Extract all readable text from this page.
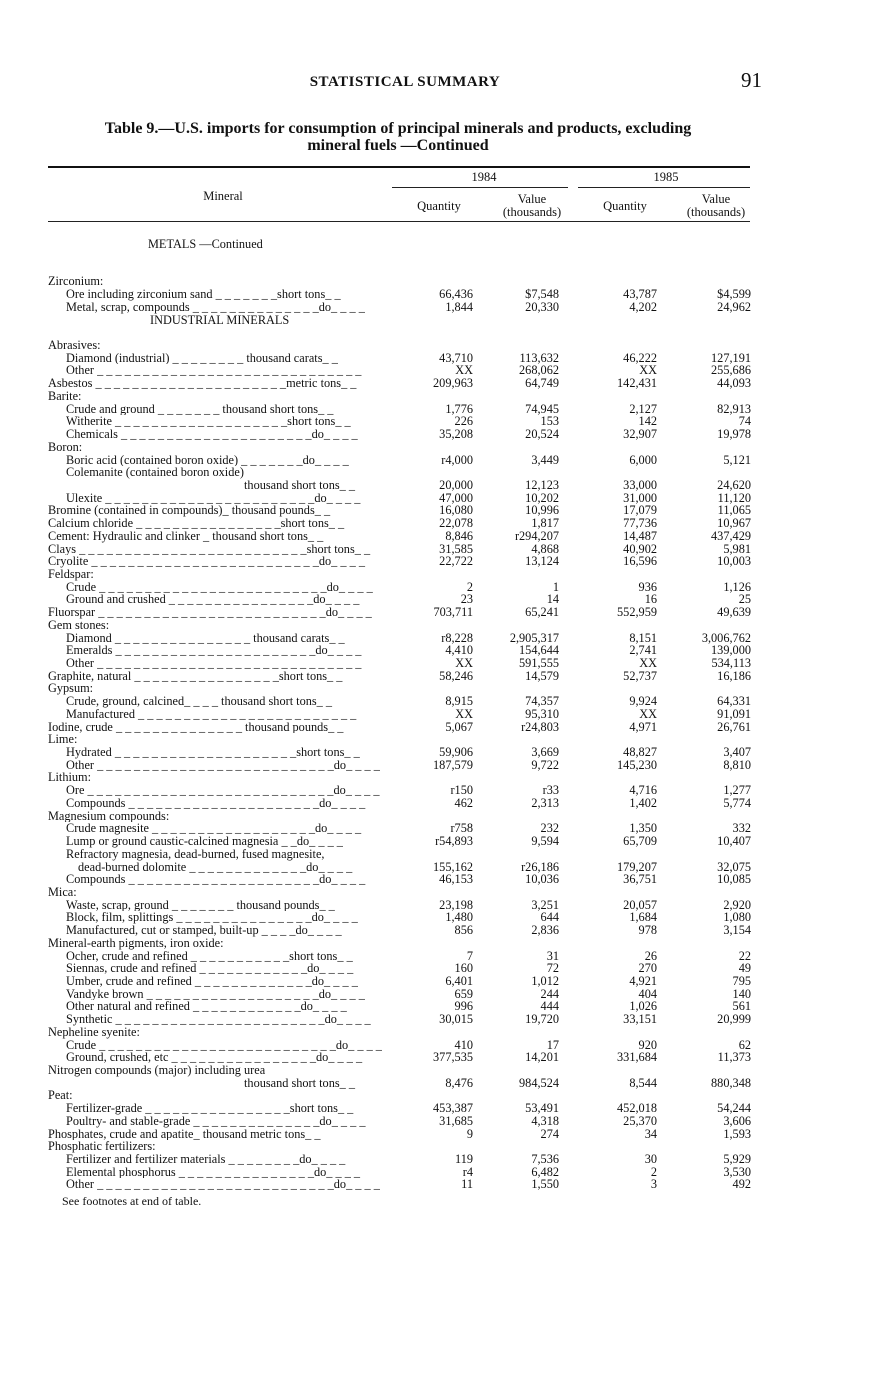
STATISTICAL SUMMARY	91
Table 9.—U.S. imports for consumption of principal minerals and products, excluding
mineral fuels —Continued
Mineral
1984	1985
Quantity	Value
(thousands)	Quantity	Value
(thousands)
METALS —Continued
Zirconium:
Ore including zirconium sand _ _ _ _ _ _ _short tons_ _	66,436	$7,548	43,787	$4,599
Metal, scrap, compounds _ _ _ _ _ _ _ _ _ _ _ _ _ _do_ _ _ _	1,844	20,330	4,202	24,962
INDUSTRIAL MINERALS
Abrasives:
Diamond (industrial) _ _ _ _ _ _ _ _ thousand carats_ _	43,710	113,632	46,222	127,191
Other _ _ _ _ _ _ _ _ _ _ _ _ _ _ _ _ _ _ _ _ _ _ _ _ _ _ _ _ _	XX	268,062	XX	255,686
Asbestos _ _ _ _ _ _ _ _ _ _ _ _ _ _ _ _ _ _ _ _ _metric tons_ _	209,963	64,749	142,431	44,093
Barite:
Crude and ground _ _ _ _ _ _ _ thousand short tons_ _	1,776	74,945	2,127	82,913
Witherite _ _ _ _ _ _ _ _ _ _ _ _ _ _ _ _ _ _ _short tons_ _	226	153	142	74
Chemicals _ _ _ _ _ _ _ _ _ _ _ _ _ _ _ _ _ _ _ _ _do_ _ _ _	35,208	20,524	32,907	19,978
Boron:
Boric acid (contained boron oxide) _ _ _ _ _ _ _do_ _ _ _	r4,000	3,449	6,000	5,121
Colemanite (contained boron oxide)
thousand short tons_ _	20,000	12,123	33,000	24,620
Ulexite _ _ _ _ _ _ _ _ _ _ _ _ _ _ _ _ _ _ _ _ _ _ _do_ _ _ _	47,000	10,202	31,000	11,120
Bromine (contained in compounds)_ thousand pounds_ _	16,080	10,996	17,079	11,065
Calcium chloride _ _ _ _ _ _ _ _ _ _ _ _ _ _ _ _short tons_ _	22,078	1,817	77,736	10,967
Cement: Hydraulic and clinker _ thousand short tons_ _	8,846	r294,207	14,487	437,429
Clays _ _ _ _ _ _ _ _ _ _ _ _ _ _ _ _ _ _ _ _ _ _ _ _ _short tons_ _	31,585	4,868	40,902	5,981
Cryolite _ _ _ _ _ _ _ _ _ _ _ _ _ _ _ _ _ _ _ _ _ _ _ _ _do_ _ _ _	22,722	13,124	16,596	10,003
Feldspar:
Crude _ _ _ _ _ _ _ _ _ _ _ _ _ _ _ _ _ _ _ _ _ _ _ _ _do_ _ _ _	2	1	936	1,126
Ground and crushed _ _ _ _ _ _ _ _ _ _ _ _ _ _ _ _do_ _ _ _	23	14	16	25
Fluorspar _ _ _ _ _ _ _ _ _ _ _ _ _ _ _ _ _ _ _ _ _ _ _ _ _do_ _ _ _	703,711	65,241	552,959	49,639
Gem stones:
Diamond _ _ _ _ _ _ _ _ _ _ _ _ _ _ _ thousand carats_ _	r8,228	2,905,317	8,151	3,006,762
Emeralds _ _ _ _ _ _ _ _ _ _ _ _ _ _ _ _ _ _ _ _ _ _do_ _ _ _	4,410	154,644	2,741	139,000
Other _ _ _ _ _ _ _ _ _ _ _ _ _ _ _ _ _ _ _ _ _ _ _ _ _ _ _ _ _	XX	591,555	XX	534,113
Graphite, natural _ _ _ _ _ _ _ _ _ _ _ _ _ _ _ _short tons_ _	58,246	14,579	52,737	16,186
Gypsum:
Crude, ground, calcined_ _ _ _ thousand short tons_ _	8,915	74,357	9,924	64,331
Manufactured _ _ _ _ _ _ _ _ _ _ _ _ _ _ _ _ _ _ _ _ _ _ _ _	XX	95,310	XX	91,091
Iodine, crude _ _ _ _ _ _ _ _ _ _ _ _ _ _ thousand pounds_ _	5,067	r24,803	4,971	26,761
Lime:
Hydrated _ _ _ _ _ _ _ _ _ _ _ _ _ _ _ _ _ _ _ _short tons_ _	59,906	3,669	48,827	3,407
Other _ _ _ _ _ _ _ _ _ _ _ _ _ _ _ _ _ _ _ _ _ _ _ _ _ _do_ _ _ _	187,579	9,722	145,230	8,810
Lithium:
Ore _ _ _ _ _ _ _ _ _ _ _ _ _ _ _ _ _ _ _ _ _ _ _ _ _ _ _do_ _ _ _	r150	r33	4,716	1,277
Compounds _ _ _ _ _ _ _ _ _ _ _ _ _ _ _ _ _ _ _ _ _do_ _ _ _	462	2,313	1,402	5,774
Magnesium compounds:
Crude magnesite _ _ _ _ _ _ _ _ _ _ _ _ _ _ _ _ _ _do_ _ _ _	r758	232	1,350	332
Lump or ground caustic-calcined magnesia _ _do_ _ _ _	r54,893	9,594	65,709	10,407
Refractory magnesia, dead-burned, fused magnesite,
dead-burned dolomite _ _ _ _ _ _ _ _ _ _ _ _ _do_ _ _ _	155,162	r26,186	179,207	32,075
Compounds _ _ _ _ _ _ _ _ _ _ _ _ _ _ _ _ _ _ _ _ _do_ _ _ _	46,153	10,036	36,751	10,085
Mica:
Waste, scrap, ground _ _ _ _ _ _ _ thousand pounds_ _	23,198	3,251	20,057	2,920
Block, film, splittings _ _ _ _ _ _ _ _ _ _ _ _ _ _ _do_ _ _ _	1,480	644	1,684	1,080
Manufactured, cut or stamped, built-up _ _ _ _do_ _ _ _	856	2,836	978	3,154
Mineral-earth pigments, iron oxide:
Ocher, crude and refined _ _ _ _ _ _ _ _ _ _ _short tons_ _	7	31	26	22
Siennas, crude and refined _ _ _ _ _ _ _ _ _ _ _ _do_ _ _ _	160	72	270	49
Umber, crude and refined _ _ _ _ _ _ _ _ _ _ _ _ _do_ _ _ _	6,401	1,012	4,921	795
Vandyke brown _ _ _ _ _ _ _ _ _ _ _ _ _ _ _ _ _ _ _do_ _ _ _	659	244	404	140
Other natural and refined _ _ _ _ _ _ _ _ _ _ _ _do_ _ _ _	996	444	1,026	561
Synthetic _ _ _ _ _ _ _ _ _ _ _ _ _ _ _ _ _ _ _ _ _ _ _do_ _ _ _	30,015	19,720	33,151	20,999
Nepheline syenite:
Crude _ _ _ _ _ _ _ _ _ _ _ _ _ _ _ _ _ _ _ _ _ _ _ _ _ _do_ _ _ _	410	17	920	62
Ground, crushed, etc _ _ _ _ _ _ _ _ _ _ _ _ _ _ _ _do_ _ _ _	377,535	14,201	331,684	11,373
Nitrogen compounds (major) including urea
thousand short tons_ _	8,476	984,524	8,544	880,348
Peat:
Fertilizer-grade _ _ _ _ _ _ _ _ _ _ _ _ _ _ _ _short tons_ _	453,387	53,491	452,018	54,244
Poultry- and stable-grade _ _ _ _ _ _ _ _ _ _ _ _ _ _do_ _ _ _	31,685	4,318	25,370	3,606
Phosphates, crude and apatite_ thousand metric tons_ _	9	274	34	1,593
Phosphatic fertilizers:
Fertilizer and fertilizer materials _ _ _ _ _ _ _ _do_ _ _ _	119	7,536	30	5,929
Elemental phosphorus _ _ _ _ _ _ _ _ _ _ _ _ _ _ _do_ _ _ _	r4	6,482	2	3,530
Other _ _ _ _ _ _ _ _ _ _ _ _ _ _ _ _ _ _ _ _ _ _ _ _ _ _do_ _ _ _	11	1,550	3	492
See footnotes at end of table.
